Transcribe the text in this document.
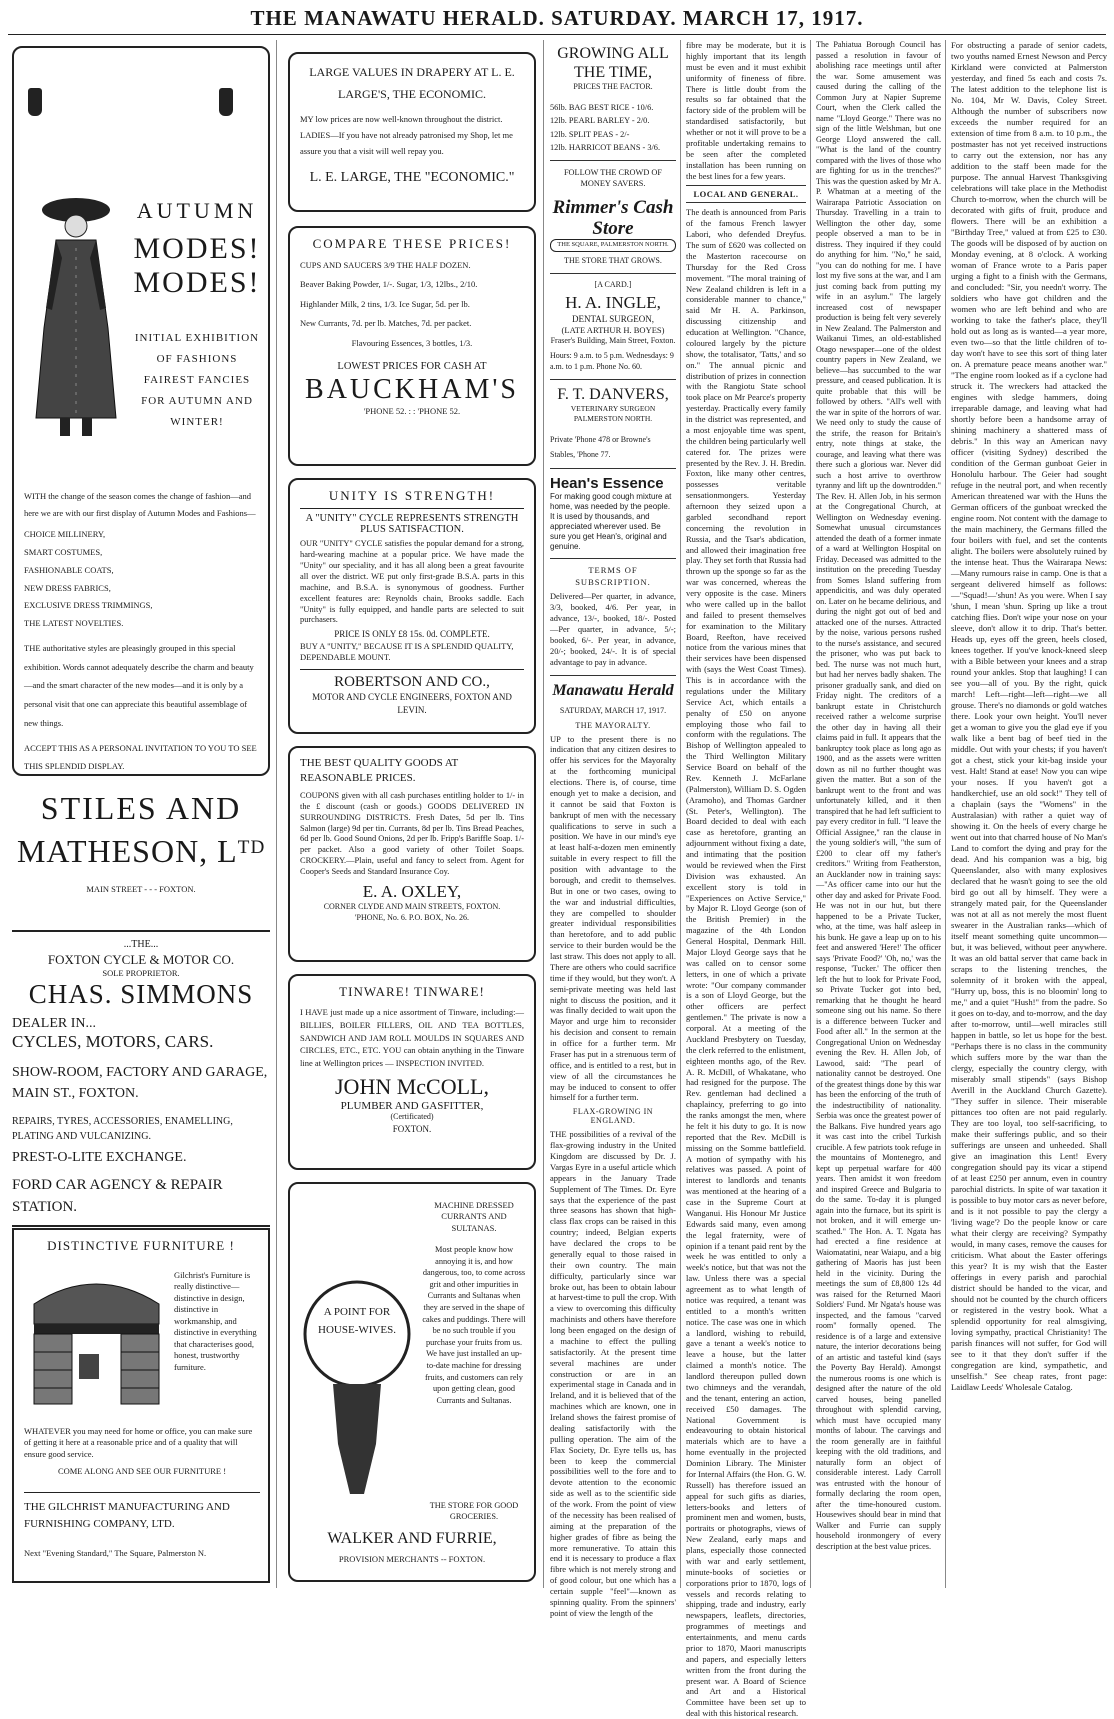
THE MANAWATU HERALD. SATURDAY. MARCH 17, 1917.
AUTUMN
MODES!
MODES!
INITIAL EXHIBITION OF FASHIONS FAIREST FANCIES FOR AUTUMN AND WINTER!
WITH the change of the season comes the change of fashion—and here we are with our first display of Autumn Modes and Fashions—
CHOICE MILLINERY,
SMART COSTUMES,
FASHIONABLE COATS,
NEW DRESS FABRICS,
EXCLUSIVE DRESS TRIMMINGS,
THE LATEST NOVELTIES.
THE authoritative styles are pleasingly grouped in this special exhibition. Words cannot adequately describe the charm and beauty—and the smart character of the new modes—and it is only by a personal visit that one can appreciate this beautiful assemblage of new things.
ACCEPT THIS AS A PERSONAL INVITATION TO YOU TO SEE THIS SPLENDID DISPLAY.
STILES AND
MATHESON, Lᵀᴰ
MAIN STREET - - - FOXTON.
...THE...
FOXTON CYCLE & MOTOR CO.
SOLE PROPRIETOR.
CHAS. SIMMONS
DEALER IN...
CYCLES, MOTORS, CARS.
SHOW-ROOM, FACTORY AND GARAGE, MAIN ST., FOXTON.
REPAIRS, TYRES, ACCESSORIES, ENAMELLING, PLATING AND VULCANIZING.
PREST-O-LITE EXCHANGE.
FORD CAR AGENCY & REPAIR STATION.
DISTINCTIVE FURNITURE !
Gilchrist's Furniture is really distinctive—distinctive in design, distinctive in workmanship, and distinctive in everything that characterises good, honest, trustworthy furniture.
WHATEVER you may need for home or office, you can make sure of getting it here at a reasonable price and of a quality that will ensure good service.
COME ALONG AND SEE OUR FURNITURE !
THE GILCHRIST MANUFACTURING AND FURNISHING COMPANY, LTD.
Next "Evening Standard," The Square, Palmerston N.
LARGE VALUES IN DRAPERY AT L. E. LARGE'S, THE ECONOMIC.
MY low prices are now well-known throughout the district. LADIES—If you have not already patronised my Shop, let me assure you that a visit will well repay you.
L. E. LARGE, THE "ECONOMIC."
COMPARE THESE PRICES!
CUPS AND SAUCERS 3/9 THE HALF DOZEN.
Beaver Baking Powder, 1/-. Sugar, 1/3, 12lbs., 2/10.
Highlander Milk, 2 tins, 1/3. Ice Sugar, 5d. per lb.
New Currants, 7d. per lb. Matches, 7d. per packet.
Flavouring Essences, 3 bottles, 1/3.
LOWEST PRICES FOR CASH AT
BAUCKHAM'S
'PHONE 52. : : 'PHONE 52.
UNITY IS STRENGTH!
A "UNITY" CYCLE REPRESENTS STRENGTH PLUS SATISFACTION.
OUR "UNITY" CYCLE satisfies the popular demand for a strong, hard-wearing machine at a popular price. We have made the "Unity" our speciality, and it has all along been a great favourite all over the district. WE put only first-grade B.S.A. parts in this machine, and B.S.A. is synonymous of goodness. Further excellent features are: Reynolds chain, Brooks saddle. Each "Unity" is fully equipped, and handle parts are selected to suit purchasers.
PRICE IS ONLY £8 15s. 0d. COMPLETE.
BUY A "UNITY," BECAUSE IT IS A SPLENDID QUALITY, DEPENDABLE MOUNT.
ROBERTSON AND CO.,
MOTOR AND CYCLE ENGINEERS, FOXTON AND LEVIN.
THE BEST QUALITY GOODS AT REASONABLE PRICES.
COUPONS given with all cash purchases entitling holder to 1/- in the £ discount (cash or goods.) GOODS DELIVERED IN SURROUNDING DISTRICTS. Fresh Dates, 5d per lb. Tins Salmon (large) 9d per tin. Currants, 8d per lb. Tins Bread Peaches, 6d per lb. Good Sound Onions, 2d per lb. Fripp's Bariffle Soap. 1/- per packet. Also a good variety of other Toilet Soaps. CROCKERY.—Plain, useful and fancy to select from. Agent for Cooper's Seeds and Standard Insurance Coy.
E. A. OXLEY,
CORNER CLYDE AND MAIN STREETS, FOXTON.
'PHONE, No. 6. P.O. BOX, No. 26.
TINWARE! TINWARE!
I HAVE just made up a nice assortment of Tinware, including:— BILLIES, BOILER FILLERS, OIL AND TEA BOTTLES, SANDWICH AND JAM ROLL MOULDS IN SQUARES AND CIRCLES, ETC., ETC. YOU can obtain anything in the Tinware line at Wellington prices — INSPECTION INVITED.
JOHN McCOLL,
PLUMBER AND GASFITTER,
(Certificated)
FOXTON.
A POINT FOR HOUSE-WIVES.
MACHINE DRESSED CURRANTS AND SULTANAS.
Most people know how annoying it is, and how dangerous, too, to come across grit and other impurities in Currants and Sultanas when they are served in the shape of cakes and puddings. There will be no such trouble if you purchase your fruits from us. We have just installed an up-to-date machine for dressing fruits, and customers can rely upon getting clean, good Currants and Sultanas.
THE STORE FOR GOOD GROCERIES.
WALKER AND FURRIE,
PROVISION MERCHANTS -- FOXTON.
GROWING ALL THE TIME,
PRICES THE FACTOR.
56lb. BAG BEST RICE - 10/6.
12lb. PEARL BARLEY - 2/0.
12lb. SPLIT PEAS - 2/-
12lb. HARRICOT BEANS - 3/6.
FOLLOW THE CROWD OF MONEY SAVERS.
Rimmer's Cash Store
THE SQUARE, PALMERSTON NORTH.
THE STORE THAT GROWS.
[A CARD.]
H. A. INGLE,
DENTAL SURGEON,
(LATE ARTHUR H. BOYES)
Fraser's Building, Main Street, Foxton.
Hours: 9 a.m. to 5 p.m. Wednesdays: 9 a.m. to 1 p.m. Phone No. 60.
F. T. DANVERS,
VETERINARY SURGEON PALMERSTON NORTH.
Private 'Phone 478 or Browne's Stables, 'Phone 77.
Hean's Essence
For making good cough mixture at home, was needed by the people. It is used by thousands, and appreciated wherever used. Be sure you get Hean's, original and genuine.
TERMS OF SUBSCRIPTION.
Delivered—Per quarter, in advance, 3/3, booked, 4/6. Per year, in advance, 13/-, booked, 18/-. Posted—Per quarter, in advance, 5/-; booked, 6/-. Per year, in advance, 20/-; booked, 24/-. It is of special advantage to pay in advance.
Manawatu Herald
SATURDAY, MARCH 17, 1917.
THE MAYORALTY.
UP to the present there is no indication that any citizen desires to offer his services for the Mayoralty at the forthcoming municipal elections. There is, of course, time enough yet to make a decision, and it cannot be said that Foxton is bankrupt of men with the necessary qualifications to serve in such a position. We have in our mind's eye at least half-a-dozen men eminently suitable in every respect to fill the position with advantage to the borough, and credit to themselves. But in one or two cases, owing to the war and industrial difficulties, they are compelled to shoulder greater individual responsibilities than heretofore, and to add public service to their burden would be the last straw. This does not apply to all. There are others who could sacrifice time if they would, but they won't. A semi-private meeting was held last night to discuss the position, and it was finally decided to wait upon the Mayor and urge him to reconsider his decision and consent to remain in office for a further term. Mr Fraser has put in a strenuous term of office, and is entitled to a rest, but in view of all the circumstances he may be induced to consent to offer himself for a further term.
FLAX-GROWING IN ENGLAND.
THE possibilities of a revival of the flax-growing industry in the United Kingdom are discussed by Dr. J. Vargas Eyre in a useful article which appears in the January Trade Supplement of The Times. Dr. Eyre says that the experience of the past three seasons has shown that high-class flax crops can be raised in this country; indeed, Belgian experts have declared the crops to be generally equal to those raised in their own country. The main difficulty, particularly since war broke out, has been to obtain labour at harvest-time to pull the crop. With a view to overcoming this difficulty machinists and others have therefore long been engaged on the design of a machine to effect the pulling satisfactorily. At the present time several machines are under construction or are in an experimental stage in Canada and in Ireland, and it is believed that of the machines which are known, one in Ireland shows the fairest promise of dealing satisfactorily with the pulling operation. The aim of the Flax Society, Dr. Eyre tells us, has been to keep the commercial possibilities well to the fore and to devote attention to the economic side as well as to the scientific side of the work. From the point of view of the necessity has been realised of aiming at the preparation of the higher grades of fibre as being the more remunerative. To attain this end it is necessary to produce a flax fibre which is not merely strong and of good colour, but one which has a certain supple "feel"—known as spinning quality. From the spinners' point of view the length of the
fibre may be moderate, but it is highly important that its length must be even and it must exhibit uniformity of fineness of fibre. There is little doubt from the results so far obtained that the factory side of the problem will be standardised satisfactorily, but whether or not it will prove to be a profitable undertaking remains to be seen after the completed installation has been running on the best lines for a few years.
LOCAL AND GENERAL.
The death is announced from Paris of the famous French lawyer Labori, who defended Dreyfus. The sum of £620 was collected on the Masterton racecourse on Thursday for the Red Cross movement. "The moral training of New Zealand children is left in a considerable manner to chance," said Mr H. A. Parkinson, discussing citizenship and education at Wellington. "Chance, coloured largely by the picture show, the totalisator, 'Tatts,' and so on." The annual picnic and distribution of prizes in connection with the Rangiotu State school took place on Mr Pearce's property yesterday. Practically every family in the district was represented, and a most enjoyable time was spent, the children being particularly well catered for. The prizes were presented by the Rev. J. H. Bredin. Foxton, like many other centres, possesses veritable sensationmongers. Yesterday afternoon they seized upon a garbled secondhand report concerning the revolution in Russia, and the Tsar's abdication, and allowed their imagination free play. They set forth that Russia had thrown up the sponge so far as the war was concerned, whereas the very opposite is the case. Miners who were called up in the ballot and failed to present themselves for examination to the Military Board, Reefton, have received notice from the various mines that their services have been dispensed with (says the West Coast Times). This is in accordance with the regulations under the Military Service Act, which entails a penalty of £50 on anyone employing those who fail to conform with the regulations. The Bishop of Wellington appealed to the Third Wellington Military Service Board on behalf of the Rev. Kenneth J. McFarlane (Palmerston), William D. S. Ogden (Aramoho), and Thomas Gardner (St. Peter's, Wellington). The Board decided to deal with each case as heretofore, granting an adjournment without fixing a date, and intimating that the position would be reviewed when the First Division was exhausted. An excellent story is told in "Experiences on Active Service," by Major R. Lloyd George (son of the British Premier) in the magazine of the 4th London General Hospital, Denmark Hill. Major Lloyd George says that he was called on to censor some letters, in one of which a private wrote: "Our company commander is a son of Lloyd George, but the other officers are perfect gentlemen." The private is now a corporal. At a meeting of the Auckland Presbytery on Tuesday, the clerk referred to the enlistment, eighteen months ago, of the Rev. A. R. McDill, of Whakatane, who had resigned for the purpose. The Rev. gentleman had declined a chaplaincy, preferring to go into the ranks amongst the men, where he felt it his duty to go. It is now reported that the Rev. McDill is missing on the Somme battlefield. A motion of sympathy with his relatives was passed. A point of interest to landlords and tenants was mentioned at the hearing of a case in the Supreme Court at Wanganui. His Honour Mr Justice Edwards said many, even among the legal fraternity, were of opinion if a tenant paid rent by the week he was entitled to only a week's notice, but that was not the law. Unless there was a special agreement as to what length of notice was required, a tenant was entitled to a month's written notice. The case was one in which a landlord, wishing to rebuild, gave a tenant a week's notice to leave a house, but the latter claimed a month's notice. The landlord thereupon pulled down two chimneys and the verandah, and the tenant, entering an action, received £50 damages. The National Government is endeavouring to obtain historical materials which are to have a home eventually in the projected Dominion Library. The Minister for Internal Affairs (the Hon. G. W. Russell) has therefore issued an appeal for such gifts as diaries, letters-books and letters of prominent men and women, busts, portraits or photographs, views of New Zealand, early maps and plans, especially those connected with war and early settlement, minute-books of societies or corporations prior to 1870, logs of vessels and records relating to shipping, trade and industry, early newspapers, leaflets, directories, programmes of meetings and entertainments, and menu cards prior to 1870, Maori manuscripts and papers, and especially letters written from the front during the present war. A Board of Science and Art and a Historical Committee have been set up to deal with this historical research.
The Pahiatua Borough Council has passed a resolution in favour of abolishing race meetings until after the war. Some amusement was caused during the calling of the Common Jury at Napier Supreme Court, when the Clerk called the name "Lloyd George." There was no sign of the little Welshman, but one George Lloyd answered the call. "What is the land of the country compared with the lives of those who are fighting for us in the trenches?" This was the question asked by Mr A. P. Whatman at a meeting of the Wairarapa Patriotic Association on Thursday. Travelling in a train to Wellington the other day, some people observed a man to be in distress. They inquired if they could do anything for him. "No," he said, "you can do nothing for me. I have lost my five sons at the war, and I am just coming back from putting my wife in an asylum." The largely increased cost of newspaper production is being felt very severely in New Zealand. The Palmerston and Waikanui Times, an old-established Otago newspaper—one of the oldest country papers in New Zealand, we believe—has succumbed to the war pressure, and ceased publication. It is quite probable that this will be followed by others. "All's well with the war in spite of the horrors of war. We need only to study the cause of the strife, the reason for Britain's entry, note things at stake, the courage, and leaving what there was there such a glorious war. Never did such a host arrive to overthrow tyranny and lift up the downtrodden." The Rev. H. Allen Job, in his sermon at the Congregational Church, at Wellington on Wednesday evening. Somewhat unusual circumstances attended the death of a former inmate of a ward at Wellington Hospital on Friday. Deceased was admitted to the institution on the preceding Tuesday from Somes Island suffering from appendicitis, and was duly operated on. Later on he became delirious, and during the night got out of bed and attacked one of the nurses. Attracted by the noise, various persons rushed to the nurse's assistance, and secured the prisoner, who was put back to bed. The nurse was not much hurt, but had her nerves badly shaken. The prisoner gradually sank, and died on Friday night. The creditors of a bankrupt estate in Christchurch received rather a welcome surprise the other day in having all their claims paid in full. It appears that the bankruptcy took place as long ago as 1900, and as the assets were written down as nil no further thought was given the matter. But a son of the bankrupt went to the front and was unfortunately killed, and it then transpired that he had left sufficient to pay every creditor in full. "I leave the Official Assignee," ran the clause in the young soldier's will, "the sum of £200 to clear off my father's creditors." Writing from Featherston, an Aucklander now in training says:—"As officer came into our hut the other day and asked for Private Food. He was not in our hut, but there happened to be a Private Tucker, who, at the time, was half asleep in his bunk. He gave a leap up on to his feet and answered 'Here!' The officer says 'Private Food?' 'Oh, no,' was the response, 'Tucker.' The officer then left the hut to look for Private Food, so Private Tucker got into bed, remarking that he thought he heard someone sing out his name. So there is a difference between Tucker and Food after all." In the sermon at the Congregational Union on Wednesday evening the Rev. H. Allen Job, of Lawood, said: "The pearl of nationality cannot be destroyed. One of the greatest things done by this war has been the enforcing of the truth of the indestructibility of nationality. Serbia was once the greatest power of the Balkans. Five hundred years ago it was cast into the cribel Turkish crucible. A few patriots took refuge in the mountains of Montenegro, and kept up perpetual warfare for 400 years. Then amidst it won freedom and inspired Greece and Bulgaria to do the same. To-day it is plunged again into the furnace, but its spirit is not broken, and it will emerge un-scathed." The Hon. A. T. Ngata has had erected a fine residence at Waiomatatini, near Waiapu, and a big gathering of Maoris has just been held in the vicinity. During the meetings the sum of £8,800 12s 4d was raised for the Returned Maori Soldiers' Fund. Mr Ngata's house was inspected, and the famous "carved room" formally opened. The residence is of a large and extensive nature, the interior decorations being of an artistic and tasteful kind (says the Poverty Bay Herald). Amongst the numerous rooms is one which is designed after the nature of the old carved houses, being panelled throughout with splendid carving, which must have occupied many months of labour. The carvings and the room generally are in faithful keeping with the old traditions, and naturally form an object of considerable interest. Lady Carroll was entrusted with the honour of formally declaring the room open, after the time-honoured custom. Housewives should bear in mind that Walker and Furrie can supply household ironmongery of every description at the best value prices.
For obstructing a parade of senior cadets, two youths named Ernest Newson and Percy Kirkland were convicted at Palmerston yesterday, and fined 5s each and costs 7s. The latest addition to the telephone list is No. 104, Mr W. Davis, Coley Street. Although the number of subscribers now exceeds the number required for an extension of time from 8 a.m. to 10 p.m., the postmaster has not yet received instructions to carry out the extension, nor has any addition to the staff been made for the purpose. The annual Harvest Thanksgiving celebrations will take place in the Methodist Church to-morrow, when the church will be decorated with gifts of fruit, produce and flowers. There will be an exhibition a "Birthday Tree," valued at from £25 to £30. The goods will be disposed of by auction on Monday evening, at 8 o'clock. A working woman of France wrote to a Paris paper urging a fight to a finish with the Germans, and concluded: "Sir, you needn't worry. The soldiers who have got children and the women who are left behind and who are working to take the father's place, they'll hold out as long as is wanted—a year more, even two—so that the little children of to-day won't have to see this sort of thing later on. A premature peace means another war." "The engine room looked as if a cyclone had struck it. The wreckers had attacked the engines with sledge hammers, doing irreparable damage, and leaving what had shortly before been a handsome array of shining machinery a shattered mass of debris." In this way an American navy officer (visiting Sydney) described the condition of the German gunboat Geier in Honolulu harbour. The Geier had sought refuge in the neutral port, and when recently American threatened war with the Huns the German officers of the gunboat wrecked the engine room. Not content with the damage to the main machinery, the Germans filled the four boilers with fuel, and set the contents alight. The boilers were absolutely ruined by the intense heat. Thus the Wairarapa News:—Many rumours raise in camp. One is that a sergeant delivered himself as follows:—"Squad!—'shun! As you were. When I say 'shun, I mean 'shun. Spring up like a trout catching flies. Don't wipe your nose on your sleeve, don't allow it to drip. That's better. Heads up, eyes off the green, heels closed, knees together. If you've knock-kneed sleep with a Bible between your knees and a strap round your ankles. Stop that laughing! I can see you—all of you. By the right, quick march! Left—right—left—right—we all grouse. There's no diamonds or gold watches there. Look your own height. You'll never get a woman to give you the glad eye if you walk like a bent bag of beef tied in the middle. Out with your chests; if you haven't got a chest, stick your kit-bag inside your vest. Halt! Stand at ease! Now you can wipe your noses. If you haven't got a handkerchief, use an old sock!" They tell of a chaplain (says the "Womens" in the Australasian) with rather a quiet way of showing it. On the heels of every charge he went out into that charred house of No Man's Land to comfort the dying and pray for the dead. And his companion was a big, big Queenslander, also with many explosives declared that he wasn't going to see the old bird go out all by himself. They were a strangely mated pair, for the Queenslander was not at all as not merely the most fluent swearer in the Australian ranks—which of itself meant something quite uncommon—but, it was believed, without peer anywhere. It was an old battal server that came back in scraps to the listening trenches, the solemnity of it broken with the appeal, "Hurry up, boss, this is no bloomin' long to me," and a quiet "Hush!" from the padre. So it goes on to-day, and to-morrow, and the day after to-morrow, until—well miracles still happen in battle, so let us hope for the best. "Perhaps there is no class in the community which suffers more by the war than the clergy, especially the country clergy, with miserably small stipends" (says Bishop Averill in the Auckland Church Gazette). "They suffer in silence. Their miserable pittances too often are not paid regularly. They are too loyal, too self-sacrificing, to make their sufferings public, and so their sufferings are unseen and unheeded. Shall give an imagination this Lent! Every congregation should pay its vicar a stipend of at least £250 per annum, even in country parochial districts. In spite of war taxation it is possible to buy motor cars as never before, and is it not possible to pay the clergy a 'living wage'? Do the people know or care what their clergy are receiving? Sympathy would, in many cases, remove the causes for criticism. What about the Easter offerings this year? It is my wish that the Easter offerings in every parish and parochial district should be handed to the vicar, and should not be counted by the church officers or registered in the vestry book. What a splendid opportunity for real almsgiving, loving sympathy, practical Christianity! The parish finances will not suffer, for God will see to it that they don't suffer if the congregation are kind, sympathetic, and unselfish." See cheap rates, front page: Laidlaw Leeds' Wholesale Catalog.
